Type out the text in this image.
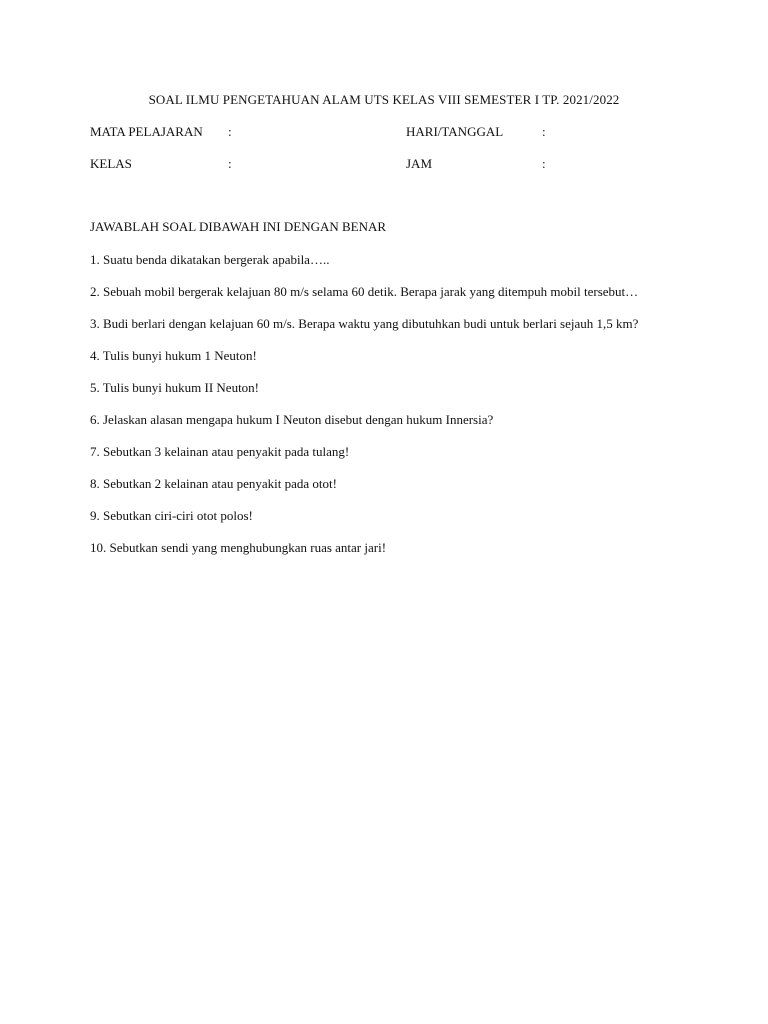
SOAL ILMU PENGETAHUAN ALAM UTS KELAS VIII SEMESTER I TP. 2021/2022
MATA PELAJARAN :	HARI/TANGGAL	:
KELAS	:	JAM	:
JAWABLAH SOAL DIBAWAH INI DENGAN BENAR
1. Suatu benda dikatakan bergerak apabila…..
2. Sebuah mobil bergerak kelajuan 80 m/s selama 60 detik. Berapa jarak yang ditempuh mobil tersebut…
3. Budi berlari dengan kelajuan 60 m/s. Berapa waktu yang dibutuhkan budi untuk berlari sejauh 1,5 km?
4. Tulis bunyi hukum 1 Neuton!
5. Tulis bunyi hukum II Neuton!
6. Jelaskan alasan mengapa hukum I Neuton disebut dengan hukum Innersia?
7. Sebutkan 3 kelainan atau penyakit pada tulang!
8. Sebutkan 2 kelainan atau penyakit pada otot!
9. Sebutkan ciri-ciri otot polos!
10. Sebutkan sendi yang menghubungkan ruas antar jari!
